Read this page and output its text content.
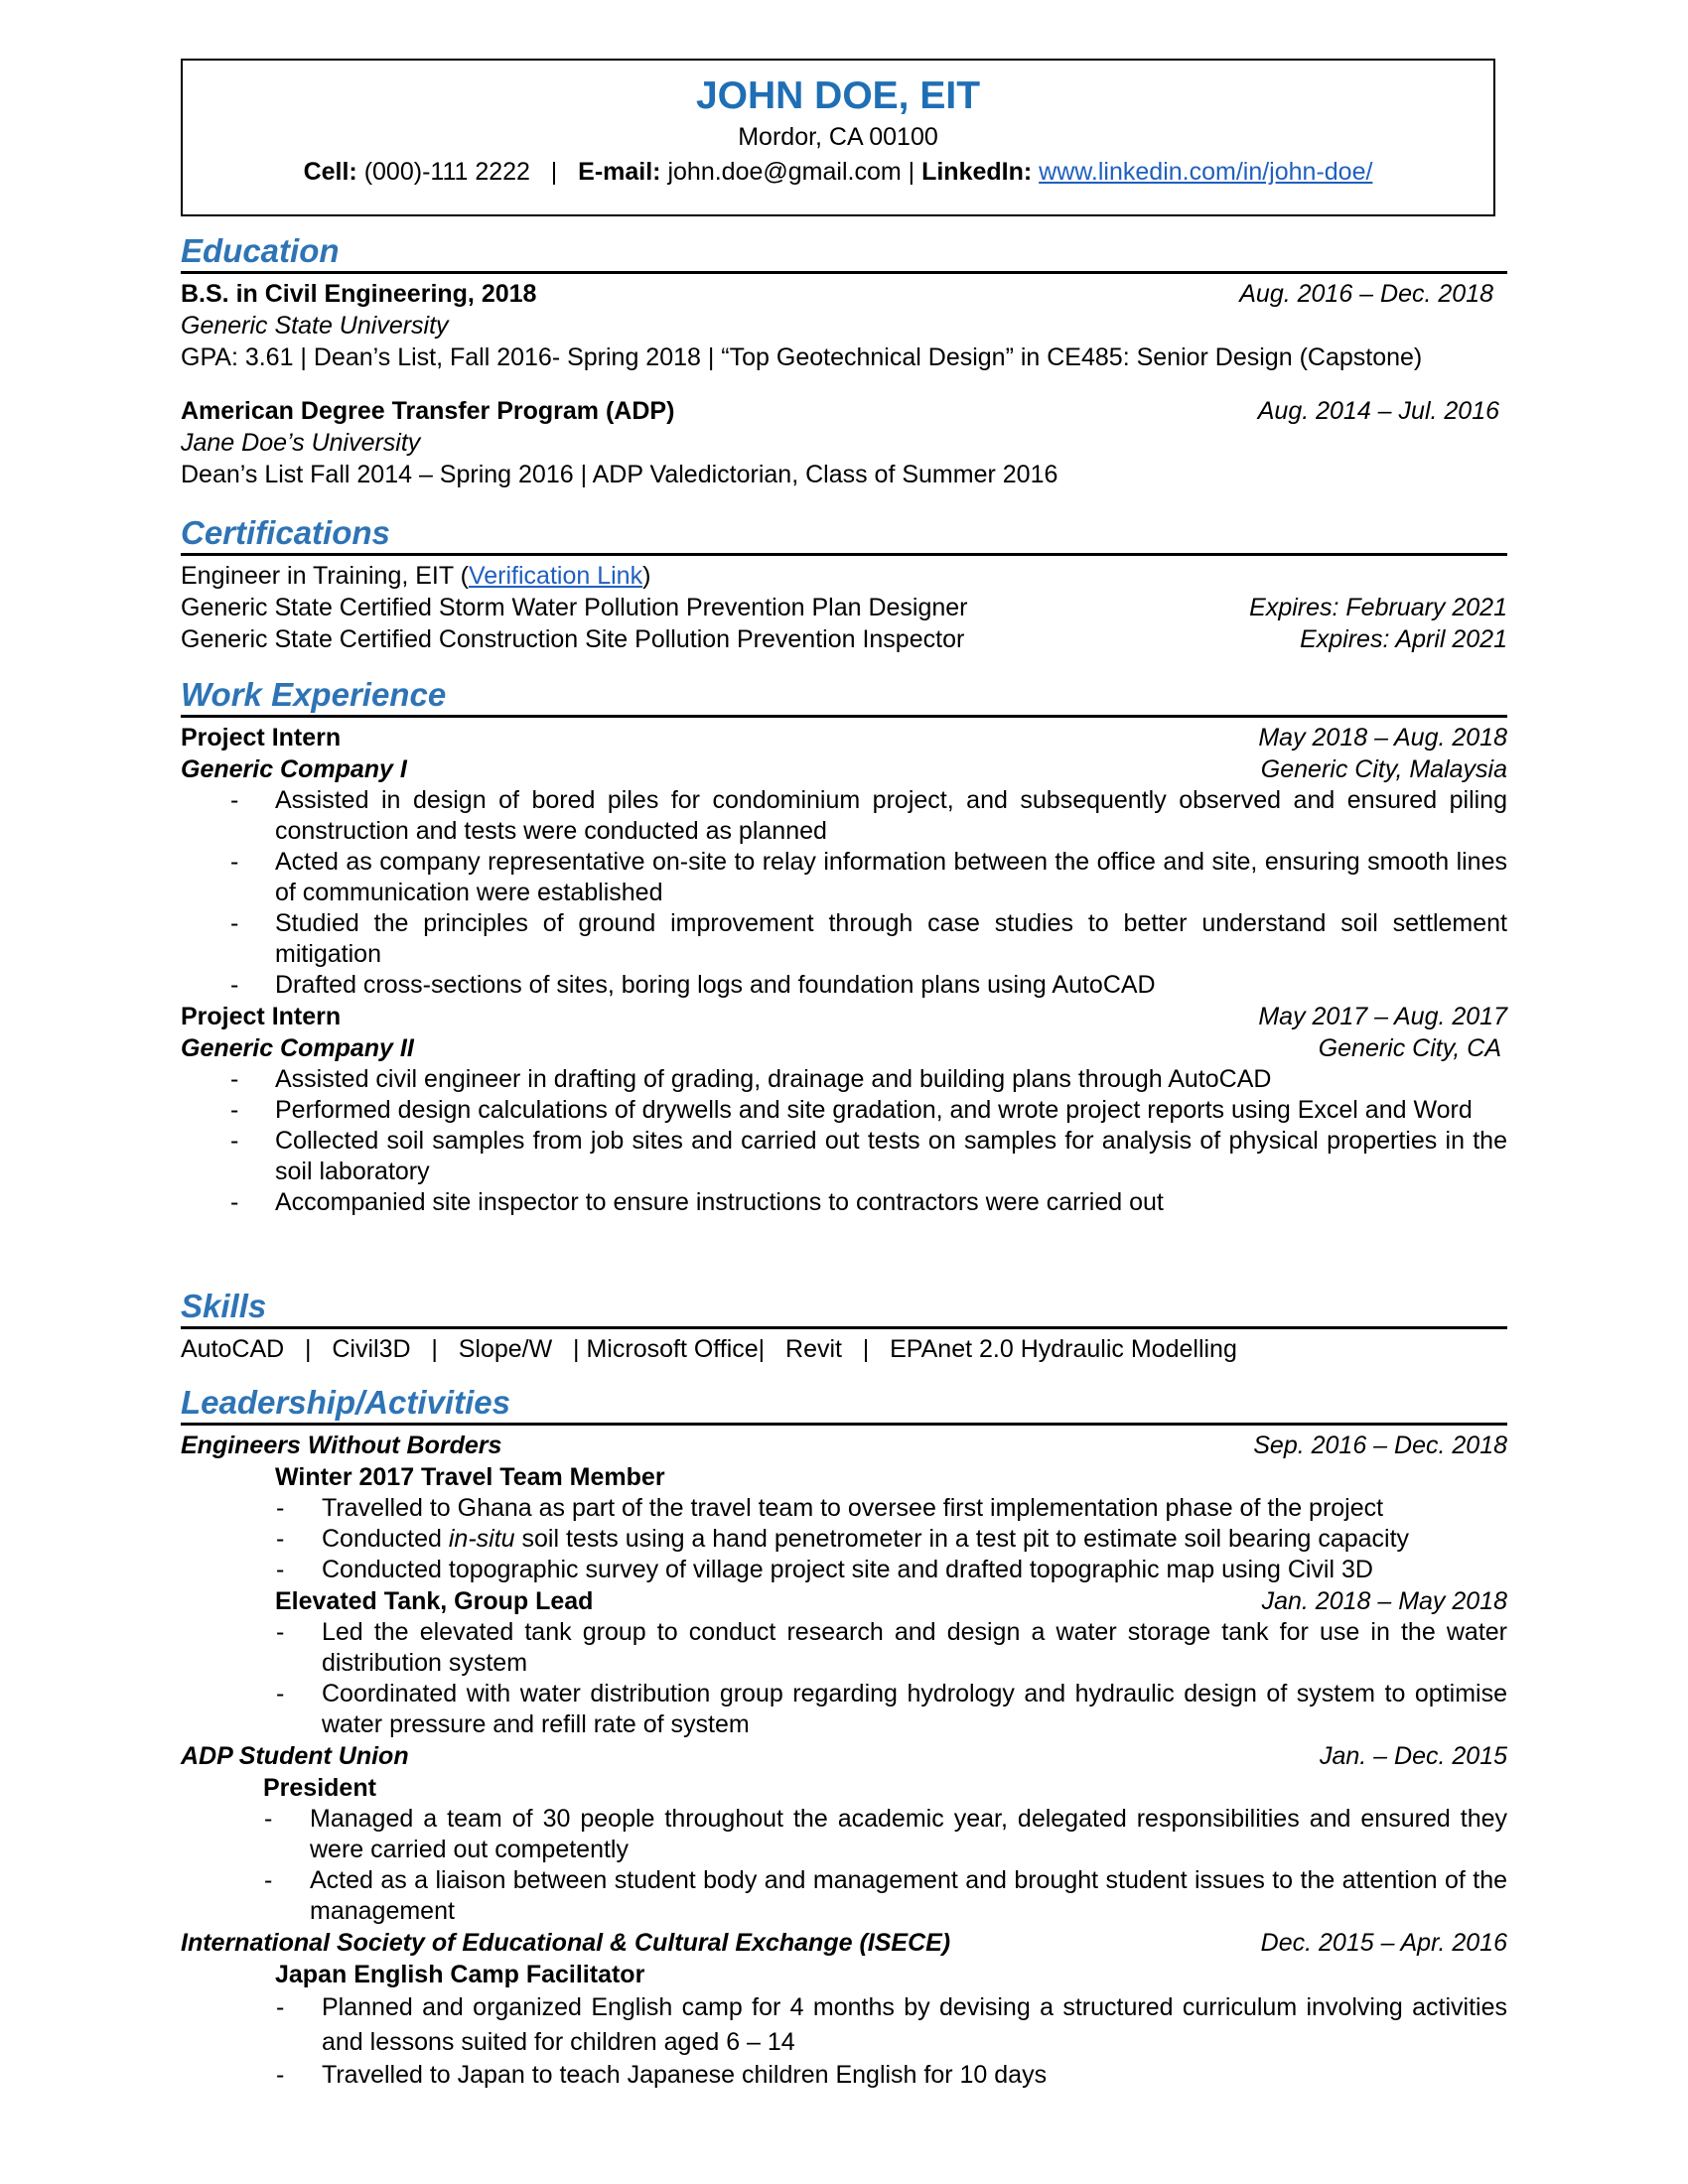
JOHN DOE, EIT
Mordor, CA 00100
Cell: (000)-111 2222 | E-mail: john.doe@gmail.com | LinkedIn: www.linkedin.com/in/john-doe/
Education
B.S. in Civil Engineering, 2018	Aug. 2016 – Dec. 2018
Generic State University
GPA: 3.61 | Dean’s List, Fall 2016- Spring 2018 | “Top Geotechnical Design” in CE485: Senior Design (Capstone)
American Degree Transfer Program (ADP)	Aug. 2014 – Jul. 2016
Jane Doe’s University
Dean’s List Fall 2014 – Spring 2016 | ADP Valedictorian, Class of Summer 2016
Certifications
Engineer in Training, EIT (Verification Link)
Generic State Certified Storm Water Pollution Prevention Plan Designer	Expires: February 2021
Generic State Certified Construction Site Pollution Prevention Inspector	Expires: April 2021
Work Experience
Project Intern	May 2018 – Aug. 2018
Generic Company I	Generic City, Malaysia
- Assisted in design of bored piles for condominium project, and subsequently observed and ensured piling construction and tests were conducted as planned
- Acted as company representative on-site to relay information between the office and site, ensuring smooth lines of communication were established
- Studied the principles of ground improvement through case studies to better understand soil settlement mitigation
- Drafted cross-sections of sites, boring logs and foundation plans using AutoCAD
Project Intern	May 2017 – Aug. 2017
Generic Company II	Generic City, CA
- Assisted civil engineer in drafting of grading, drainage and building plans through AutoCAD
- Performed design calculations of drywells and site gradation, and wrote project reports using Excel and Word
- Collected soil samples from job sites and carried out tests on samples for analysis of physical properties in the soil laboratory
- Accompanied site inspector to ensure instructions to contractors were carried out
Skills
AutoCAD   |   Civil3D   |   Slope/W   | Microsoft Office|   Revit   |   EPAnet 2.0 Hydraulic Modelling
Leadership/Activities
Engineers Without Borders	Sep. 2016 – Dec. 2018
Winter 2017 Travel Team Member
- Travelled to Ghana as part of the travel team to oversee first implementation phase of the project
- Conducted in-situ soil tests using a hand penetrometer in a test pit to estimate soil bearing capacity
- Conducted topographic survey of village project site and drafted topographic map using Civil 3D
Elevated Tank, Group Lead	Jan. 2018 – May 2018
- Led the elevated tank group to conduct research and design a water storage tank for use in the water distribution system
- Coordinated with water distribution group regarding hydrology and hydraulic design of system to optimise water pressure and refill rate of system
ADP Student Union	Jan. – Dec. 2015
President
- Managed a team of 30 people throughout the academic year, delegated responsibilities and ensured they were carried out competently
- Acted as a liaison between student body and management and brought student issues to the attention of the management
International Society of Educational & Cultural Exchange (ISECE)	Dec. 2015 – Apr. 2016
Japan English Camp Facilitator
- Planned and organized English camp for 4 months by devising a structured curriculum involving activities and lessons suited for children aged 6 – 14
- Travelled to Japan to teach Japanese children English for 10 days
